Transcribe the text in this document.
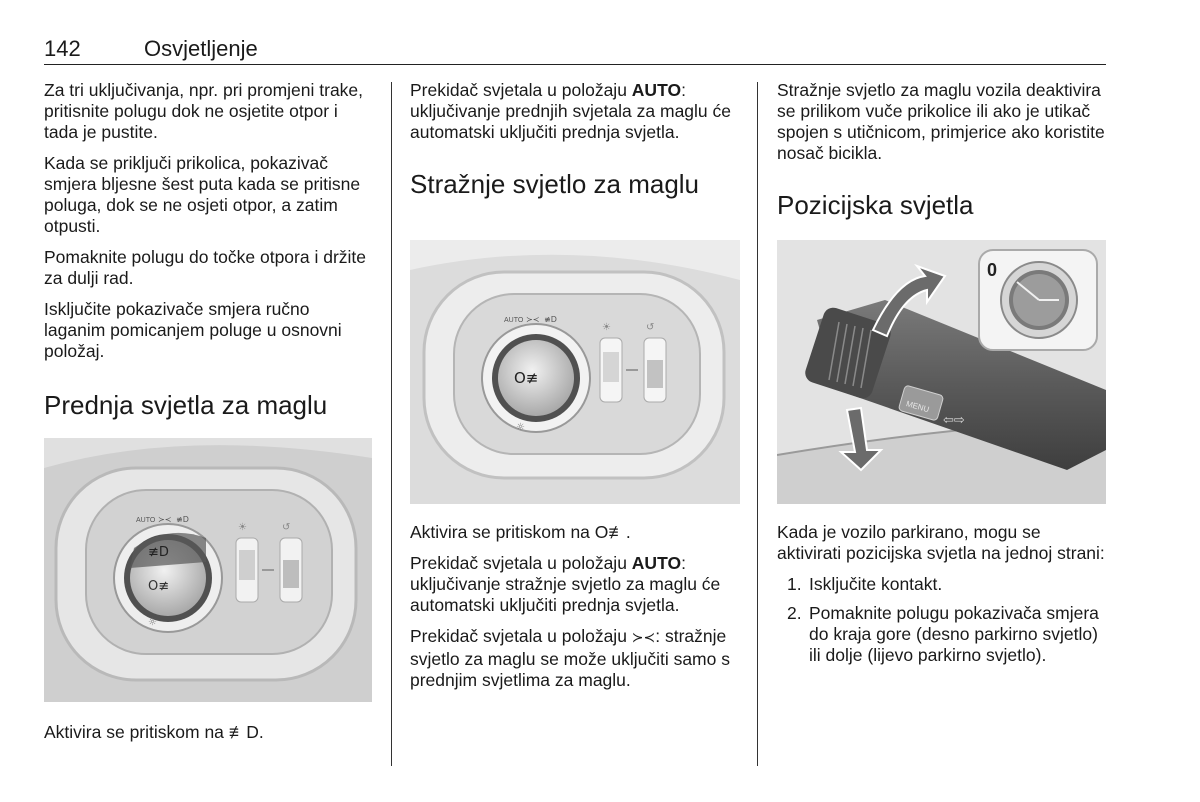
142	Osvjetljenje

Za tri uključivanja, npr. pri promjeni trake, pritisnite polugu dok ne osjetite otpor i tada je pustite.

Kada se priključi prikolica, pokazivač smjera bljesne šest puta kada se pritisne poluga, dok se ne osjeti otpor, a zatim otpusti.

Pomaknite polugu do točke otpora i držite za dulji rad.

Isključite pokazivače smjera ručno laganim pomicanjem poluge u osnovni položaj.

Prednja svjetla za maglu
AUTO ≻≺ ≢D
≢D
O≢
☼
☀	↺

Aktivira se pritiskom na ≢D.

Prekidač svjetala u položaju AUTO: uključivanje prednjih svjetala za maglu će automatski uključiti prednja svjetla.

Stražnje svjetlo za maglu
AUTO ≻≺ ≢D
O≢
☼
☀	↺

Aktivira se pritiskom na O≢.

Prekidač svjetala u položaju AUTO: uključivanje stražnje svjetlo za maglu će automatski uključiti prednja svjetla.

Prekidač svjetala u položaju ≻≺: stražnje svjetlo za maglu se može uključiti samo s prednjim svjetlima za maglu.

Stražnje svjetlo za maglu vozila deaktivira se prilikom vuče prikolice ili ako je utikač spojen s utičnicom, primjerice ako koristite nosač bicikla.

Pozicijska svjetla
MENU
⇦⇨
0

Kada je vozilo parkirano, mogu se aktivirati pozicijska svjetla na jednoj strani:

1. Isključite kontakt.
2. Pomaknite polugu pokazivača smjera do kraja gore (desno parkirno svjetlo) ili dolje (lijevo parkirno svjetlo).
